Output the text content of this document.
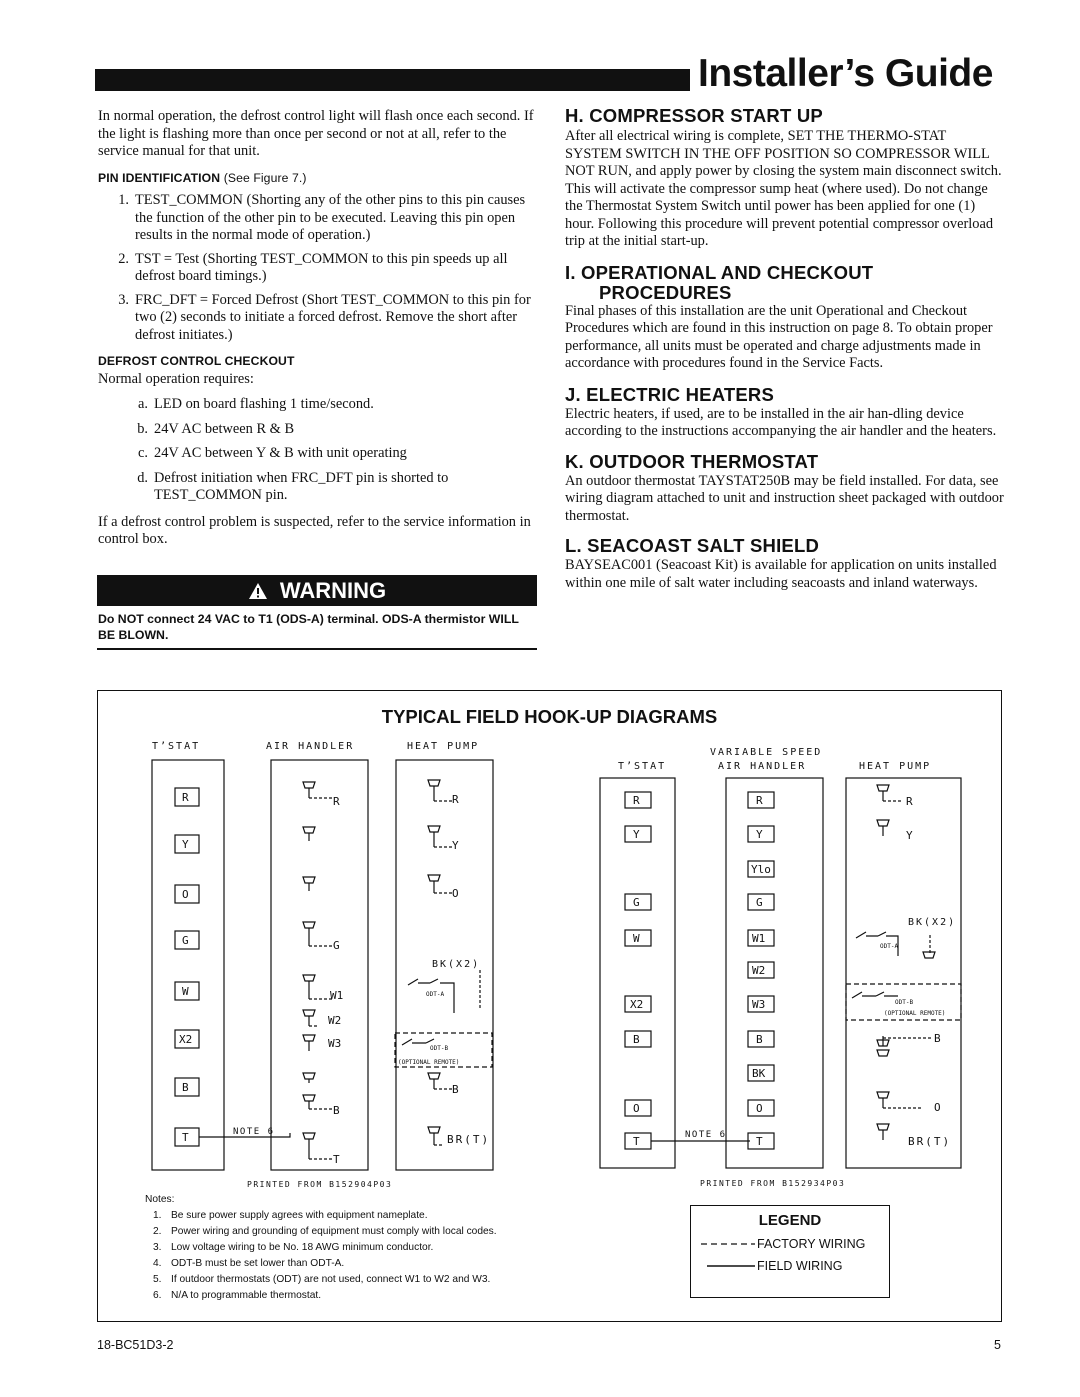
Installer’s Guide

In normal operation, the defrost control light will flash once each second. If the light is flashing more than once per second or not at all, refer to the service manual for that unit.

PIN IDENTIFICATION (See Figure 7.)
1. TEST_COMMON (Shorting any of the other pins to this pin causes the function of the other pin to be executed. Leaving this pin open results in the normal mode of operation.)
2. TST = Test (Shorting TEST_COMMON to this pin speeds up all defrost board timings.)
3. FRC_DFT = Forced Defrost (Short TEST_COMMON to this pin for two (2) seconds to initiate a forced defrost. Remove the short after defrost initiates.)
DEFROST CONTROL CHECKOUT

Normal operation requires:

a. LED on board flashing 1 time/second.
b. 24V AC between R & B
c. 24V AC between Y & B with unit operating
d. Defrost initiation when FRC_DFT pin is shorted to TEST_COMMON pin.

If a defrost control problem is suspected, refer to the service information in control box.

WARNING
Do NOT connect 24 VAC to T1 (ODS-A) terminal. ODS-A thermistor WILL BE BLOWN.
H. COMPRESSOR START UP

After all electrical wiring is complete, SET THE THERMO-STAT SYSTEM SWITCH IN THE OFF POSITION SO COMPRESSOR WILL NOT RUN, and apply power by closing the system main disconnect switch. This will activate the compressor sump heat (where used). Do not change the Thermostat System Switch until power has been applied for one (1) hour. Following this procedure will prevent potential compressor overload trip at the initial start-up.

I. OPERATIONAL AND CHECKOUT
PROCEDURES

Final phases of this installation are the unit Operational and Checkout Procedures which are found in this instruction on page 8. To obtain proper performance, all units must be operated and charge adjustments made in accordance with procedures found in the Service Facts.

J. ELECTRIC HEATERS

Electric heaters, if used, are to be installed in the air han-dling device according to the instructions accompanying the air handler and the heaters.

K. OUTDOOR THERMOSTAT

An outdoor thermostat TAYSTAT250B may be field installed. For data, see wiring diagram attached to unit and instruction sheet packaged with outdoor thermostat.

L. SEACOAST SALT SHIELD

BAYSEAC001 (Seacoast Kit) is available for application on units installed within one mile of salt water including seacoasts and inland waterways.

TYPICAL FIELD HOOK-UP DIAGRAMS
T’STAT	AIR HANDLER	HEAT PUMP
R
Y
O
G
W
X2
B
T
R
G
W1
W2
W3
B
T
R
Y
O
B
BR(T)
BK(X2)
ODT-A
ODT-B
(OPTIONAL REMOTE)
NOTE 6
PRINTED FROM B152904P03
VARIABLE SPEED
T’STAT	AIR HANDLER	HEAT PUMP
R
Y
G
W
X2
B
O
T
R
Y
Ylo
G
W1
W2
W3
B
BK
O
T
R
Y
B
O
BR(T)
BK(X2)
ODT-A
ODT-B
(OPTIONAL REMOTE)
NOTE 6
PRINTED FROM B152934P03
Notes:
1. Be sure power supply agrees with equipment nameplate.
2. Power wiring and grounding of equipment must comply with local codes.
3. Low voltage wiring to be No. 18 AWG minimum conductor.
4. ODT-B must be set lower than ODT-A.
5. If outdoor thermostats (ODT) are not used, connect W1 to W2 and W3.
6. N/A to programmable thermostat.
LEGEND
FACTORY WIRING
FIELD WIRING
18-BC51D3-2	5
